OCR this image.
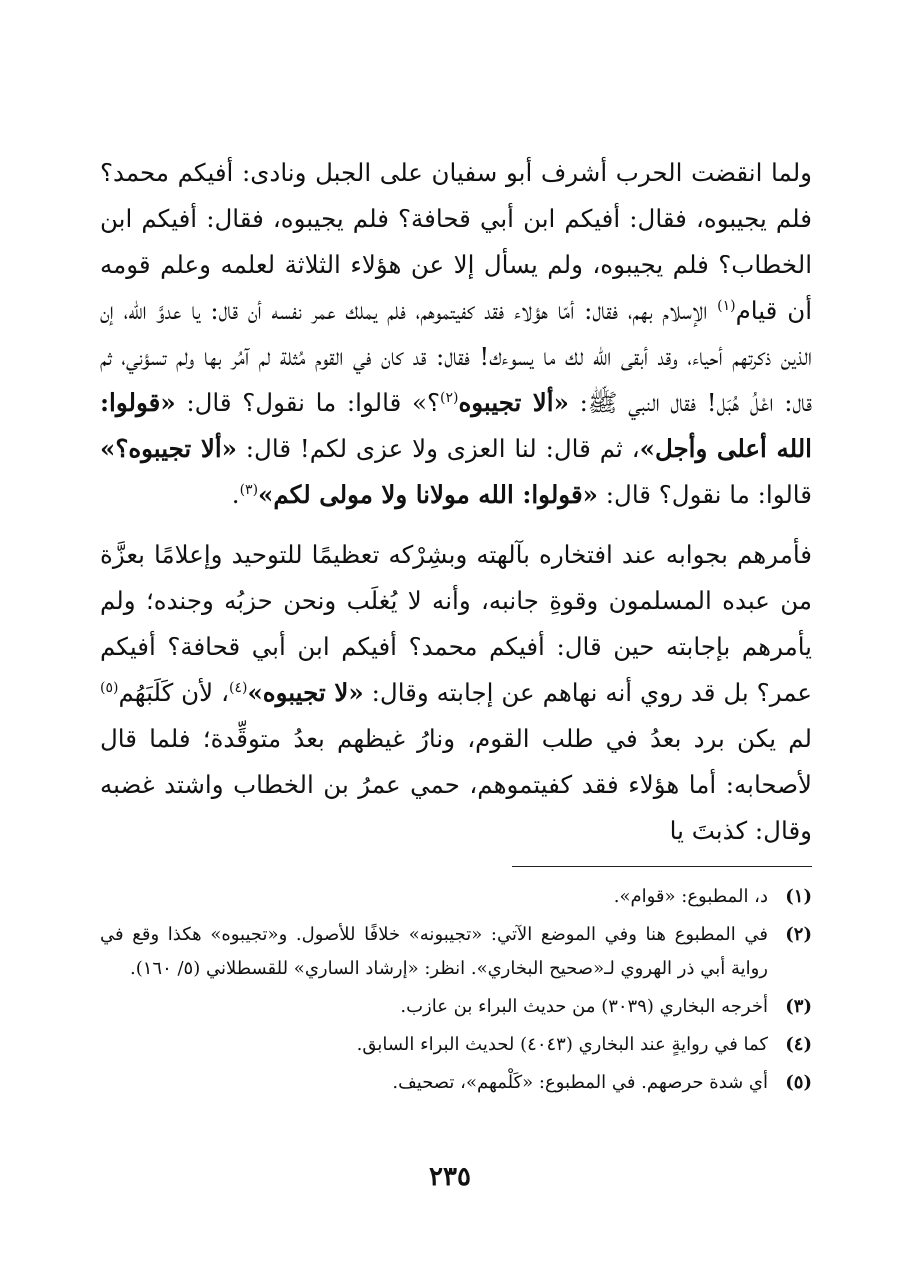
ولما انقضت الحرب أشرف أبو سفيان على الجبل ونادى: أفيكم محمد؟ فلم يجيبوه، فقال: أفيكم ابن أبي قحافة؟ فلم يجيبوه، فقال: أفيكم ابن الخطاب؟ فلم يجيبوه، ولم يسأل إلا عن هؤلاء الثلاثة لعلمه وعلم قومه أن قيام$^{(١)}$ الإسلام بهم، فقال: أمّا هؤلاء فقد كفيتموهم، فلم يملك عمر نفسه أن قال: يا عدوَّ الله، إن الذين ذكرتهم أحياء، وقد أبقى الله لك ما يسوءك! فقال: قد كان في القوم مُثلة لم آمُر بها ولم تسؤني، ثم قال: اعْلُ هُبَل! فقال النبي ﷺ: «ألا تجيبوه$^{(٢)}$؟» قالوا: ما نقول؟ قال: «قولوا: الله أعلى وأجل»، ثم قال: لنا العزى ولا عزى لكم! قال: «ألا تجيبوه؟» قالوا: ما نقول؟ قال: «قولوا: الله مولانا ولا مولى لكم»$^{(٣)}$.

فأمرهم بجوابه عند افتخاره بآلهته وبشِرْكه تعظيمًا للتوحيد وإعلامًا بعزَّة من عبده المسلمون وقوةِ جانبه، وأنه لا يُغلَب ونحن حزبُه وجنده؛ ولم يأمرهم بإجابته حين قال: أفيكم محمد؟ أفيكم ابن أبي قحافة؟ أفيكم عمر؟ بل قد روي أنه نهاهم عن إجابته وقال: «لا تجيبوه»$^{(٤)}$، لأن كَلَبَهُم$^{(٥)}$ لم يكن برد بعدُ في طلب القوم، ونارُ غيظهم بعدُ متوقِّدة؛ فلما قال لأصحابه: أما هؤلاء فقد كفيتموهم، حمي عمرُ بن الخطاب واشتد غضبه وقال: كذبتَ يا

(١)
د، المطبوع: «قوام».
(٢)
في المطبوع هنا وفي الموضع الآتي: «تجيبونه» خلافًا للأصول. و«تجيبوه» هكذا وقع في رواية أبي ذر الهروي لـ«صحيح البخاري». انظر: «إرشاد الساري» للقسطلاني (٥/ ١٦٠).
(٣)
أخرجه البخاري (٣٠٣٩) من حديث البراء بن عازب.
(٤)
كما في روايةٍ عند البخاري (٤٠٤٣) لحديث البراء السابق.
(٥)
أي شدة حرصهم. في المطبوع: «كَلْمهم»، تصحيف.
٢٣٥
